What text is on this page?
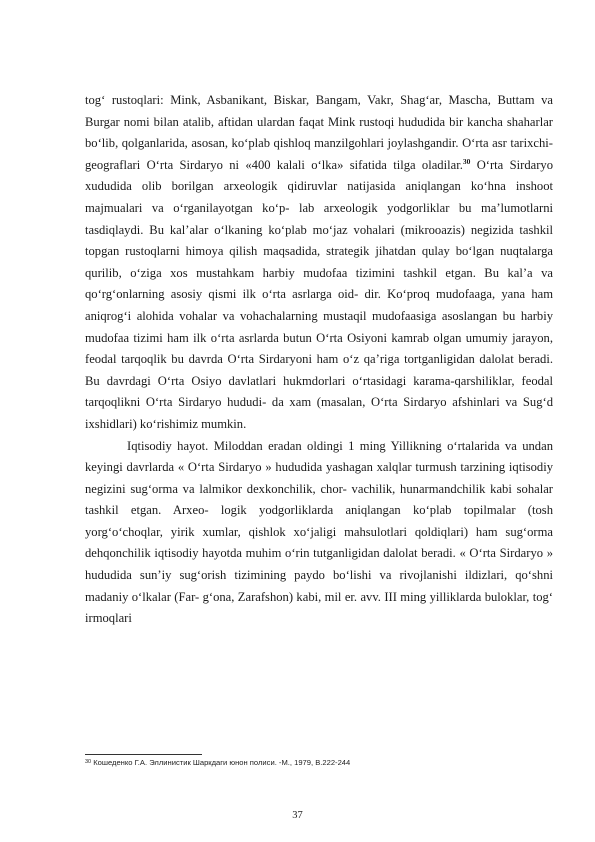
tog‘ rustoqlari: Mink, Asbanikant, Biskar, Bangam, Vakr, Shag‘ar, Mascha, Buttam va Burgar nomi bilan atalib, aftidan ulardan faqat Mink rustoqi hududida bir kancha shaharlar bo‘lib, qolganlarida, asosan, ko‘plab qishloq manzilgohlari joylashgandir. O‘rta asr tarixchi-geograflari O‘rta Sirdaryo ni «400 kalali o‘lka» sifatida tilga oladilar.$^{30}$ O‘rta Sirdaryo xududida olib borilgan arxeologik qidiruvlar natijasida aniqlangan ko‘hna inshoot majmualari va o‘rganilayotgan ko‘p- lab arxeologik yodgorliklar bu ma’lumotlarni tasdiqlaydi. Bu kal’alar o‘lkaning ko‘plab mo‘jaz vohalari (mikrooazis) negizida tashkil topgan rustoqlarni himoya qilish maqsadida, strategik jihatdan qulay bo‘lgan nuqtalarga qurilib, o‘ziga xos mustahkam harbiy mudofaa tizimini tashkil etgan. Bu kal’a va qo‘rg‘onlarning asosiy qismi ilk o‘rta asrlarga oid- dir. Ko‘proq mudofaaga, yana ham aniqrog‘i alohida vohalar va vohachalarning mustaqil mudofaasiga asoslangan bu harbiy mudofaa tizimi ham ilk o‘rta asrlarda butun O‘rta Osiyoni kamrab olgan umumiy jarayon, feodal tarqoqlik bu davrda O‘rta Sirdaryoni ham o‘z qa’riga tortganligidan dalolat beradi. Bu davrdagi O‘rta Osiyo davlatlari hukmdorlari o‘rtasidagi karama-qarshiliklar, feodal tarqoqlikni O‘rta Sirdaryo hududi- da xam (masalan, O‘rta Sirdaryo afshinlari va Sug‘d ixshidlari) ko‘rishimiz mumkin.

Iqtisodiy hayot. Miloddan eradan oldingi 1 ming Yillikning o‘rtalarida va undan keyingi davrlarda « O‘rta Sirdaryo » hududida yashagan xalqlar turmush tarzining iqtisodiy negizini sug‘orma va lalmikor dexkonchilik, chor- vachilik, hunarmandchilik kabi sohalar tashkil etgan. Arxeo- logik yodgorliklarda aniqlangan ko‘plab topilmalar (tosh yorg‘o‘choqlar, yirik xumlar, qishlok xo‘jaligi mahsulotlari qoldiqlari) ham sug‘orma dehqonchilik iqtisodiy hayotda muhim o‘rin tutganligidan dalolat beradi. « O‘rta Sirdaryo » hududida sun’iy sug‘orish tizimining paydo bo‘lishi va rivojlanishi ildizlari, qo‘shni madaniy o‘lkalar (Far- g‘ona, Zarafshon) kabi, mil er. avv. III ming yilliklarda buloklar, tog‘ irmoqlari

$^{30}$ Кошеденко Г.А. Эллинистик Шаркдаги юнон полиси. -М., 1979, В.222-244
37
